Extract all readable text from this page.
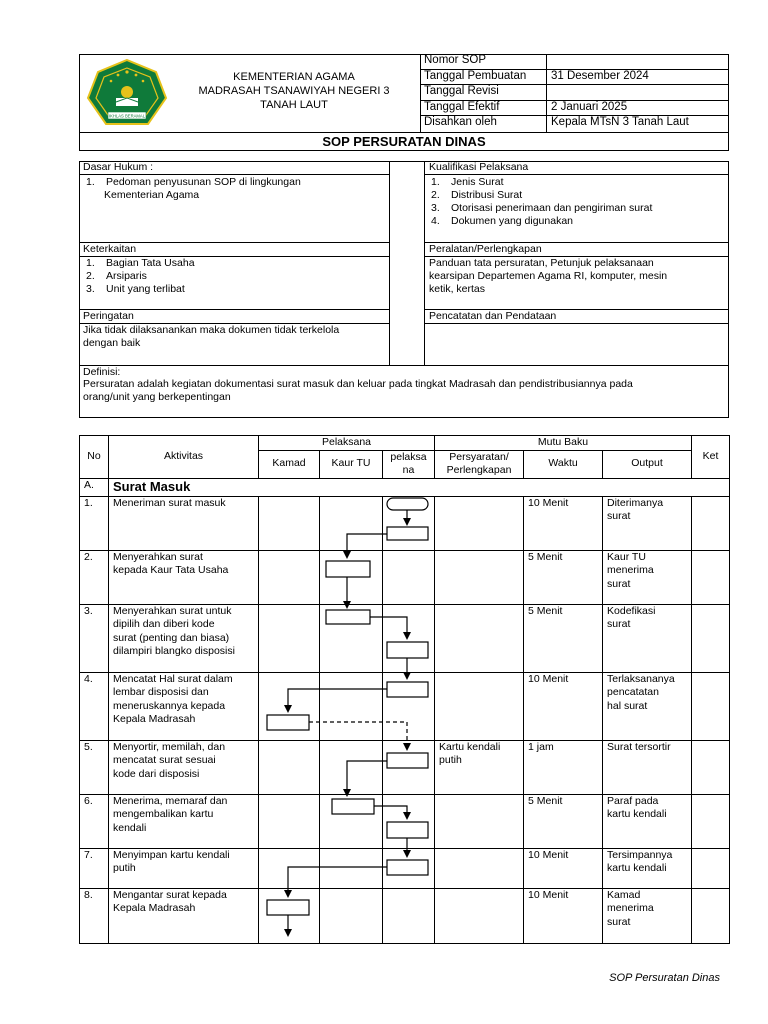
IKHLAS BERAMAL
KEMENTERIAN AGAMA
MADRASAH TSANAWIYAH NEGERI 3
TANAH LAUT
Nomor SOP	
Tanggal Pembuatan	31 Desember 2024
Tanggal Revisi	
Tanggal Efektif	2 Januari 2025
Disahkan oleh	Kepala MTsN 3 Tanah Laut
SOP PERSURATAN DINAS
Dasar Hukum :
1. Pedoman penyusunan SOP di lingkungan
Kementerian Agama
Kualifikasi Pelaksana
1. Jenis Surat
2. Distribusi Surat
3. Otorisasi penerimaan dan pengiriman surat
4. Dokumen yang digunakan
Keterkaitan
1. Bagian Tata Usaha
2. Arsiparis
3. Unit yang terlibat
Peralatan/Perlengkapan
Panduan tata persuratan, Petunjuk pelaksanaan
kearsipan Departemen Agama RI, komputer, mesin
ketik, kertas
Peringatan
Jika tidak dilaksanankan maka dokumen tidak terkelola
dengan baik
Pencatatan dan Pendataan
Definisi:
Persuratan adalah kegiatan dokumentasi surat masuk dan keluar pada tingkat Madrasah dan pendistribusiannya pada
orang/unit yang berkepentingan
No	Aktivitas	Pelaksana			Mutu Baku			Ket
		Kamad	Kaur TU	pelaksa
na	Persyaratan/
Perlengkapan	Waktu	Output	
A.	Surat Masuk							
1.	Meneriman surat masuk					10 Menit	Diterimanya
surat	
2.	Menyerahkan surat
kepada Kaur Tata Usaha					5 Menit	Kaur TU
menerima
surat	
3.	Menyerahkan surat untuk
dipilih dan diberi kode
surat (penting dan biasa)
dilampiri blangko disposisi					5 Menit	Kodefikasi
surat	
4.	Mencatat Hal surat dalam
lembar disposisi dan
meneruskannya kepada
Kepala Madrasah					10 Menit	Terlaksananya
pencatatan
hal surat	
5.	Menyortir, memilah, dan
mencatat surat sesuai
kode dari disposisi				Kartu kendali
putih	1 jam	Surat tersortir	
6.	Menerima, memaraf dan
mengembalikan kartu
kendali					5 Menit	Paraf pada
kartu kendali	
7.	Menyimpan kartu kendali
putih					10 Menit	Tersimpannya
kartu kendali	
8.	Mengantar surat kepada
Kepala Madrasah					10 Menit	Kamad
menerima
surat	
SOP Persuratan Dinas
